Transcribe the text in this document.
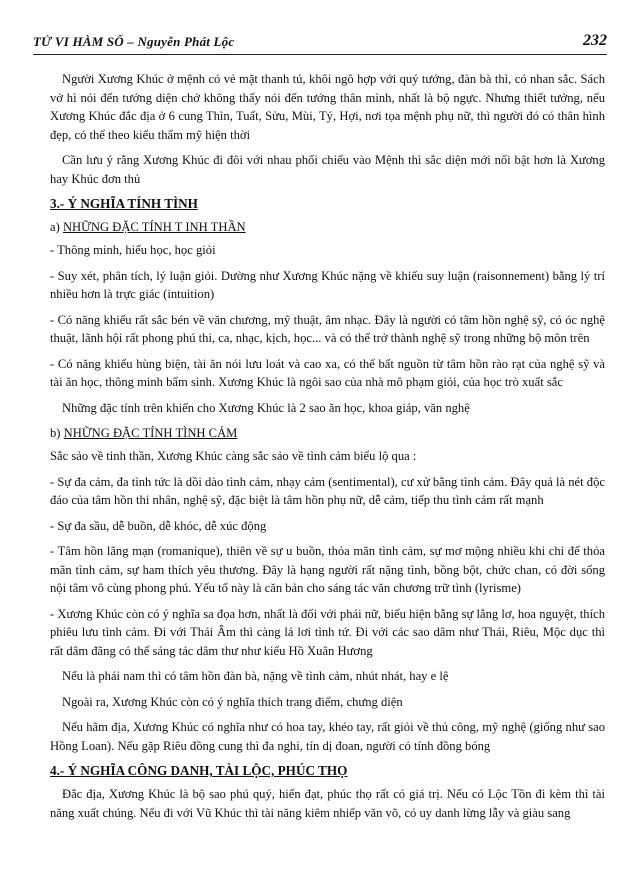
TỬ VI HÀM SỐ – Nguyễn Phát Lộc	232

Người Xương Khúc ở mệnh có vẻ mặt thanh tú, khôi ngô hợp với quý tướng, đàn bà thì, có nhan sắc. Sách vở hì nói đến tướng diện chớ không thấy nói đến tướng thân mình, nhất là bộ ngực. Nhưng thiết tưởng, nếu Xương Khúc đắc địa ở 6 cung Thìn, Tuất, Sửu, Mùi, Tý, Hợi, nơi tọa mệnh phụ nữ, thì người đó có thân hình đẹp, có thể theo kiểu thẩm mỹ hiện thời

Cần lưu ý rằng Xương Khúc đi đôi với nhau phối chiếu vào Mệnh thì sắc diện mới nổi bật hơn là Xương hay Khúc đơn thủ

3.- Ý NGHĨA TÍNH TÌNH
a) NHỮNG ĐẶC TÍNH T INH THẦN

- Thông minh, hiếu học, học giỏi

- Suy xét, phân tích, lý luận giỏi. Dường như Xương Khúc nặng về khiếu suy luận (raisonnement) bằng lý trí nhiều hơn là trực giác (intuition)

- Có năng khiếu rất sắc bén về văn chương, mỹ thuật, âm nhạc. Đây là người có tâm hồn nghệ sỹ, có óc nghệ thuật, lãnh hội rất phong phú thi, ca, nhạc, kịch, học... và có thể trở thành nghệ sỹ trong những bộ môn trên

- Có năng khiếu hùng biện, tài ăn nói lưu loát và cao xa, có thể bất nguồn từ tâm hồn rào rạt của nghệ sỹ và tài ăn học, thông minh bẩm sinh. Xương Khúc là ngôi sao của nhà mô phạm giỏi, của học trò xuất sắc

Những đặc tính trên khiến cho Xương Khúc là 2 sao ăn học, khoa giáp, văn nghệ

b) NHỮNG ĐẶC TÍNH TÌNH CẢM

Sắc sảo về tinh thần, Xương Khúc càng sắc sảo về tình cảm biểu lộ qua :

- Sự đa cảm, đa tình tức là dồi dào tình cảm, nhạy cảm (sentimental), cư xử bằng tình cảm. Đây quả là nét độc đáo của tâm hồn thi nhân, nghệ sỹ, đặc biệt là tâm hồn phụ nữ, dễ cảm, tiếp thu tình cảm rất mạnh

- Sự đa sầu, dễ buồn, dễ khóc, dễ xúc động

- Tâm hồn lãng mạn (romanique), thiên về sự u buồn, thỏa mãn tình cảm, sự mơ mộng nhiều khi chỉ để thỏa mãn tình cảm, sự ham thích yêu thương. Đây là hạng người rất nặng tình, bồng bột, chức chan, có đời sống nội tâm vô cùng phong phú. Yếu tố này là căn bản cho sáng tác văn chương trữ tình (lyrisme)

- Xương Khúc còn có ý nghĩa sa đọa hơn, nhất là đối với phái nữ, biểu hiện bằng sự lẳng lơ, hoa nguyệt, thích phiêu lưu tình cảm. Đi với Thái Âm thì càng lả lơi tình tứ. Đi với các sao dâm như Thái, Riêu, Mộc dục thì rất dâm đãng có thể sáng tác dâm thư như kiểu Hồ Xuân Hương

Nếu là phái nam thì có tâm hồn đàn bà, nặng về tình cảm, nhút nhát, hay e lệ

Ngoài ra, Xương Khúc còn có ý nghĩa thích trang điểm, chưng diện

Nếu hãm địa, Xương Khúc có nghĩa như có hoa tay, khéo tay, rất giỏi về thủ công, mỹ nghệ (giống như sao Hồng Loan). Nếu gặp Riêu đồng cung thì đa nghi, tín dị đoan, người có tính đồng bóng

4.- Ý NGHĨA CÔNG DANH, TÀI LỘC, PHÚC THỌ

Đắc địa, Xương Khúc là bộ sao phú quý, hiển đạt, phúc thọ rất có giá trị. Nếu có Lộc Tồn đi kèm thì tài năng xuất chúng. Nếu đi với Vũ Khúc thì tài năng kiêm nhiếp văn võ, có uy danh lừng lẫy và giàu sang
